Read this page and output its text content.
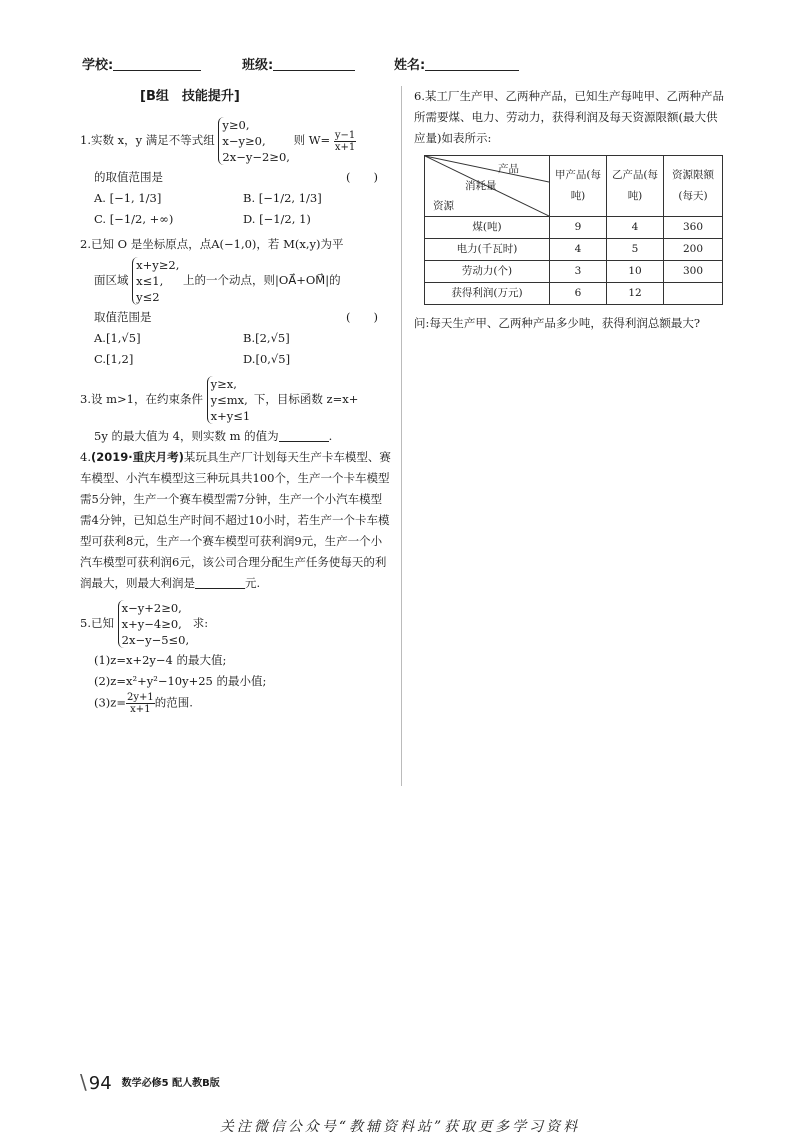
学校:	班级:	姓名:
[B组　技能提升]

1.实数 x，y 满足不等式组
y≥0,
x−y≥0,
2x−y−2≥0,
则 $W= \frac{y-1}{x+1}$

的取值范围是	(　　)

A. [−1, 1/3]	B. [−1/2, 1/3]
C. [−1/2, +∞)	D. [−1/2, 1)

2.已知 O 是坐标原点，点A(−1,0)，若 M(x,y)为平

面区域
x+y≥2,
x≤1,
y≤2
上的一个动点，则|OA⃗+OM⃗|的

取值范围是	(　　)

A.[1,√5]	B.[2,√5]
C.[1,2]	D.[0,√5]

3.设 m>1，在约束条件
y≥x,
y≤mx,
x+y≤1
下，目标函数 z=x+

5y 的最大值为 4，则实数 m 的值为	.

4.(2019·重庆月考)某玩具生产厂计划每天生产卡车模型、赛车模型、小汽车模型这三种玩具共100个，生产一个卡车模型需5分钟，生产一个赛车模型需7分钟，生产一个小汽车模型需4分钟，已知总生产时间不超过10小时，若生产一个卡车模型可获利8元，生产一个赛车模型可获利润9元，生产一个小汽车模型可获利润6元，该公司合理分配生产任务使每天的利润最大，则最大利润是	元.

5.已知
x−y+2≥0,
x+y−4≥0,
2x−y−5≤0,
求:

(1)z=x+2y−4 的最大值;

(2)z=x²+y²−10y+25 的最小值;

$(3)z= \frac{2y+1}{x+1}$ 的范围.

6.某工厂生产甲、乙两种产品，已知生产每吨甲、乙两种产品所需要煤、电力、劳动力，获得利润及每天资源限额(最大供应量)如表所示:

产品
消耗量
资源	甲产品(每吨)	乙产品(每吨)	资源限额(每天)
煤(吨)	9	4	360
电力(千瓦时)	4	5	200
劳动力(个)	3	10	300
获得利润(万元)	6	12	

问:每天生产甲、乙两种产品多少吨，获得利润总额最大?

\ 94 数学必修5 配人教B版
关注微信公众号“教辅资料站”获取更多学习资料
